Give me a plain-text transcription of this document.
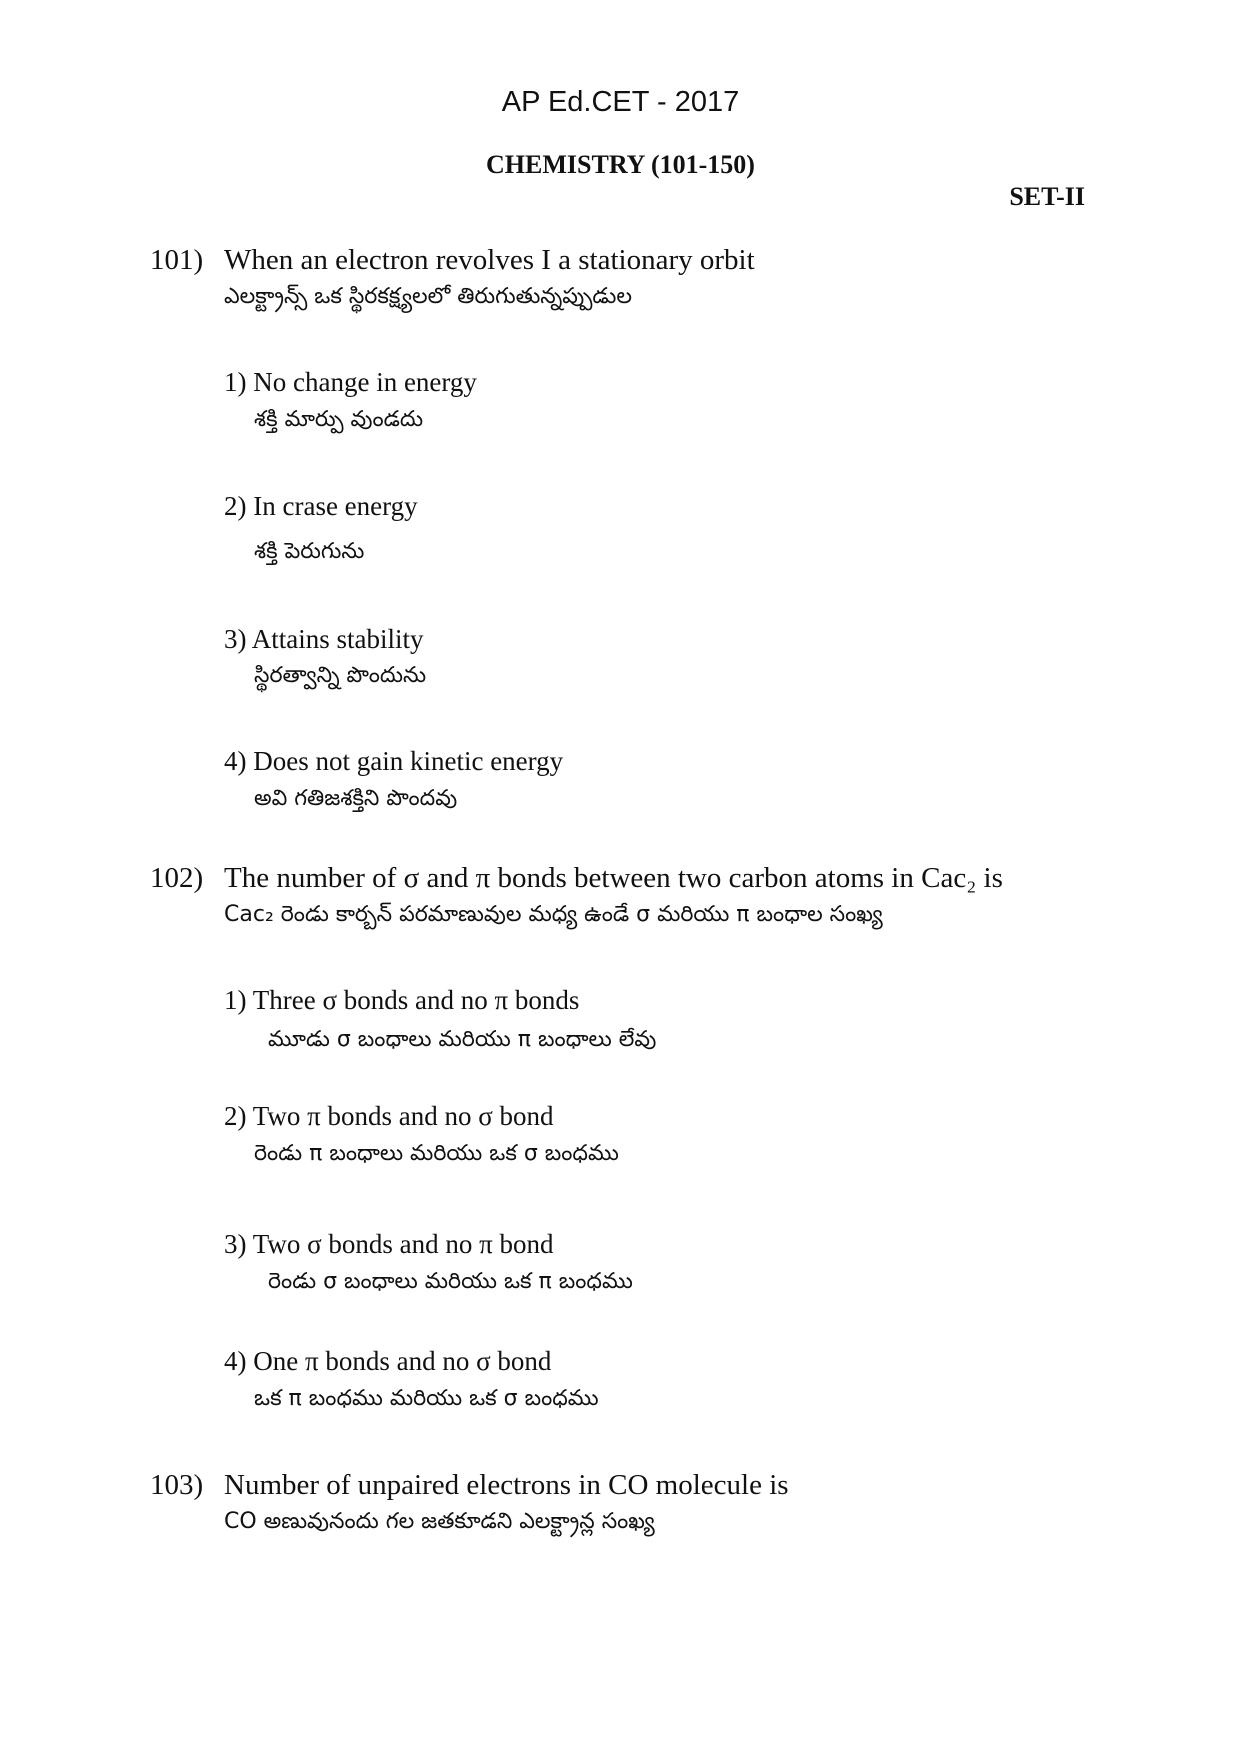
AP Ed.CET - 2017
CHEMISTRY (101-150)
SET-II
101) When an electron revolves I a stationary orbit
ఎలక్ట్రాన్స్ ఒక స్థిరకక్ష్యలలో తిరుగుతున్నప్పుడుల
1) No change in energy
శక్తి మార్పు వుండదు
2) In crase energy
శక్తి పెరుగును
3) Attains stability
స్థిరత్వాన్ని పొందును
4) Does not gain kinetic energy
అవి గతిజశక్తిని పొందవు
102) The number of σ and π bonds between two carbon atoms in Cac₂ is
Cac₂ రెండు కార్బన్ పరమాణువుల మధ్య ఉండే σ మరియు π బంధాల సంఖ్య
1) Three σ bonds and no π bonds
మూడు σ బంధాలు మరియు π బంధాలు లేవు
2) Two π bonds and no σ bond
రెండు π బంధాలు మరియు ఒక σ బంధము
3) Two σ bonds and no π bond
రెండు σ బంధాలు మరియు ఒక π బంధము
4) One π bonds and no σ bond
ఒక π బంధము మరియు ఒక σ బంధము
103) Number of unpaired electrons in CO molecule is
CO అణువునందు గల జతకూడని ఎలక్ట్రాన్ల సంఖ్య
